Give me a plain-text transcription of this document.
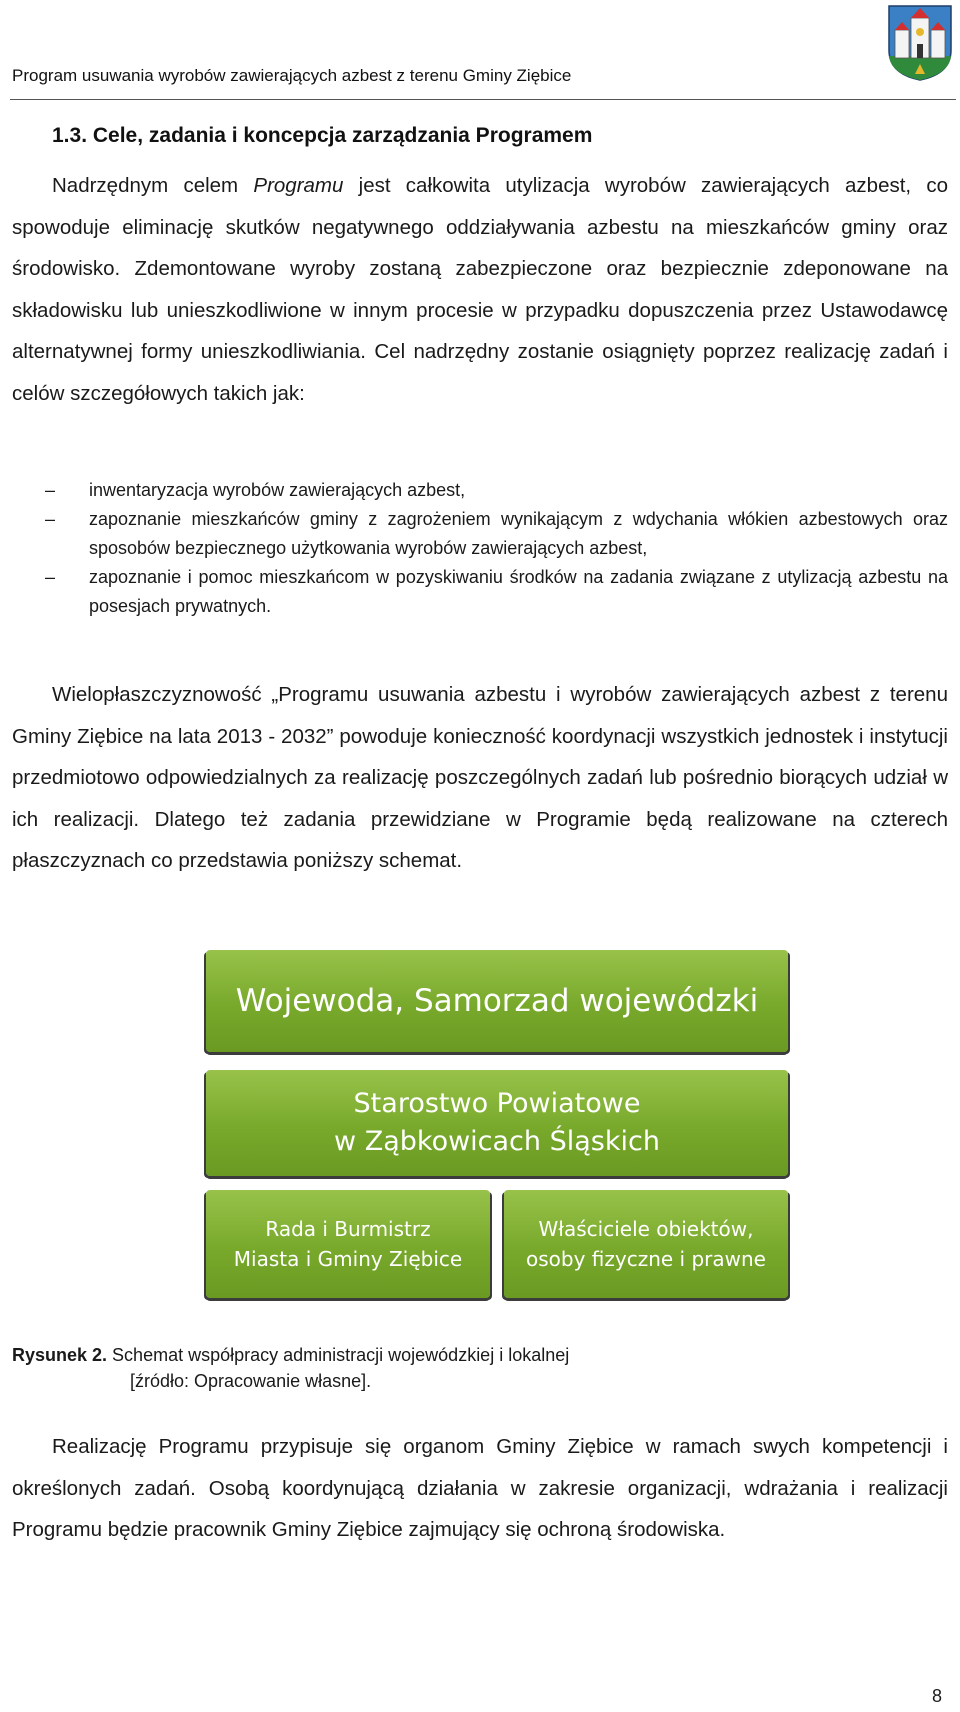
Program usuwania wyrobów zawierających azbest z terenu Gminy Ziębice
1.3. Cele, zadania i koncepcja zarządzania Programem

Nadrzędnym celem Programu jest całkowita utylizacja wyrobów zawierających azbest, co spowoduje eliminację skutków negatywnego oddziaływania azbestu na mieszkańców gminy oraz środowisko. Zdemontowane wyroby zostaną zabezpieczone oraz bezpiecznie zdeponowane na składowisku lub unieszkodliwione w innym procesie w przypadku dopuszczenia przez Ustawodawcę alternatywnej formy unieszkodliwiania. Cel nadrzędny zostanie osiągnięty poprzez realizację zadań i celów szczegółowych takich jak:

– inwentaryzacja wyrobów zawierających azbest,
– zapoznanie mieszkańców gminy z zagrożeniem wynikającym z wdychania włókien azbestowych oraz sposobów bezpiecznego użytkowania wyrobów zawierających azbest,
– zapoznanie i pomoc mieszkańcom w pozyskiwaniu środków na zadania związane z utylizacją azbestu na posesjach prywatnych.

Wielopłaszczyznowość „Programu usuwania azbestu i wyrobów zawierających azbest z terenu Gminy Ziębice na lata 2013 - 2032” powoduje konieczność koordynacji wszystkich jednostek i instytucji przedmiotowo odpowiedzialnych za realizację poszczególnych zadań lub pośrednio biorących udział w ich realizacji. Dlatego też zadania przewidziane w Programie będą realizowane na czterech płaszczyznach co przedstawia poniższy schemat.

Wojewoda, Samorzad wojewódzki
Starostwo Powiatowe
w Ząbkowicach Śląskich
Rada i Burmistrz
Miasta i Gminy Ziębice
Właściciele obiektów,
osoby fizyczne i prawne
Rysunek 2. Schemat współpracy administracji wojewódzkiej i lokalnej
[źródło: Opracowanie własne].

Realizację Programu przypisuje się organom Gminy Ziębice w ramach swych kompetencji i określonych zadań. Osobą koordynującą działania w zakresie organizacji, wdrażania i realizacji Programu będzie pracownik Gminy Ziębice zajmujący się ochroną środowiska.

8
